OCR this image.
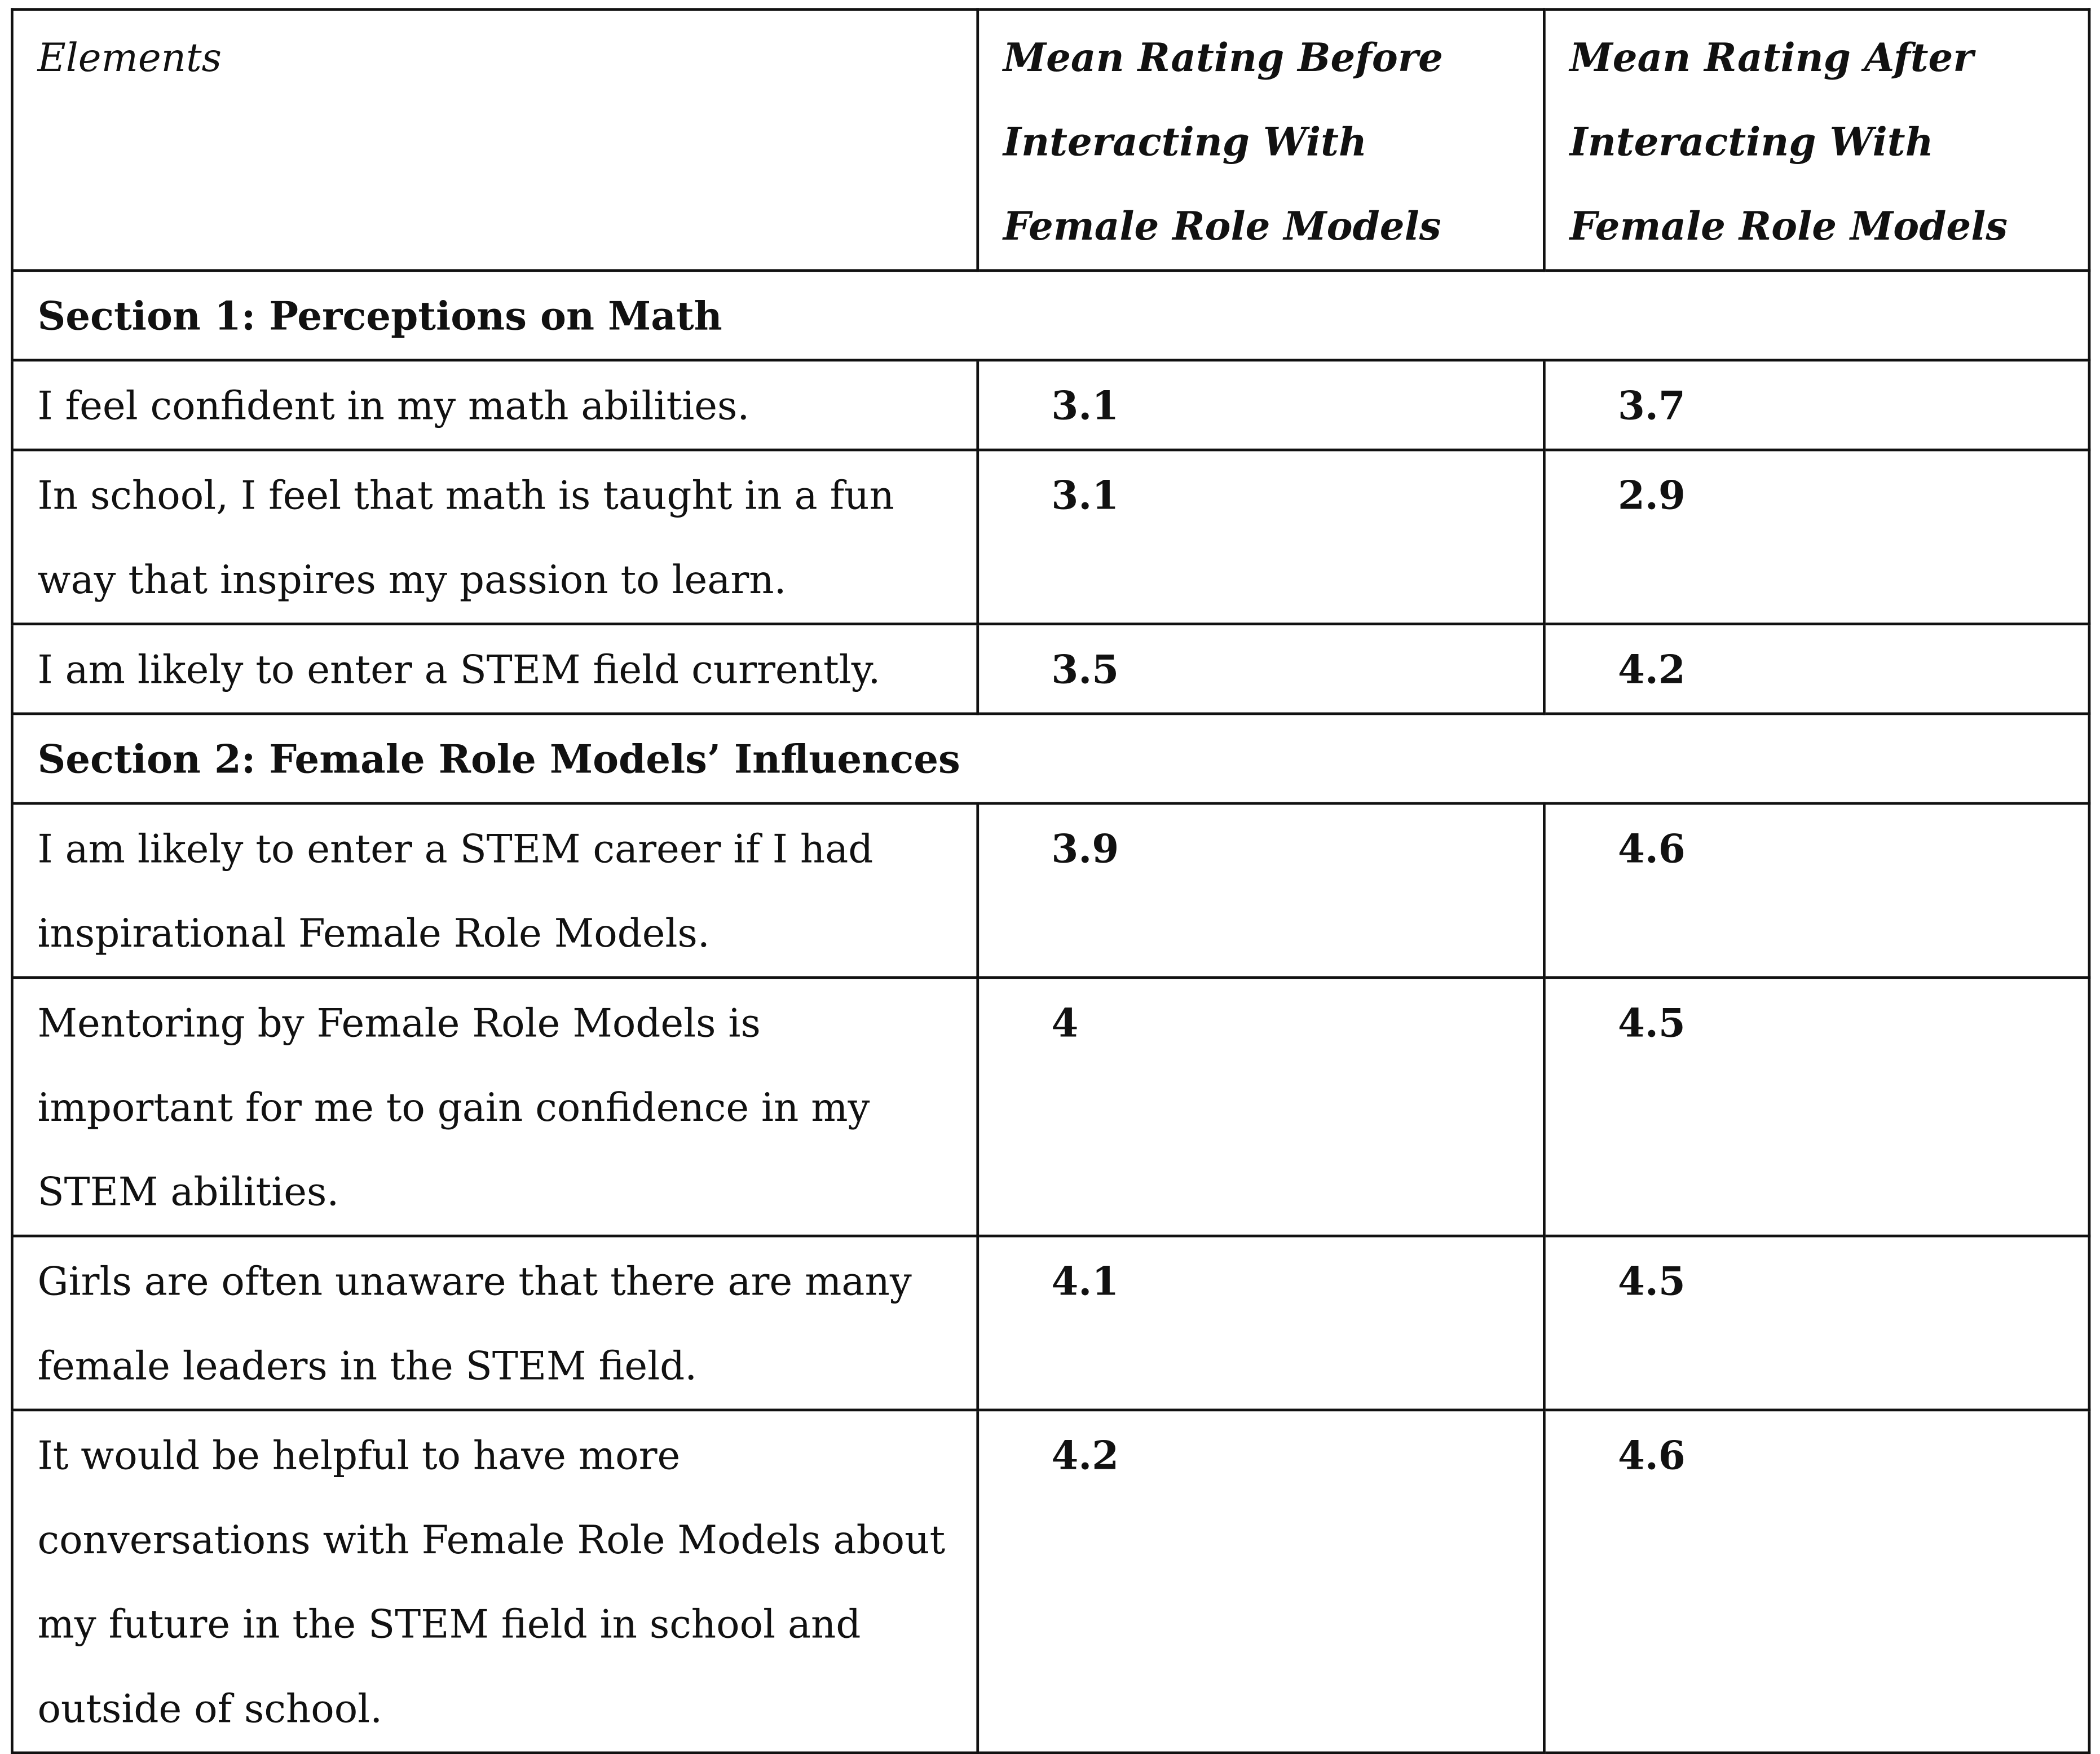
Elements	Mean Rating Before Interacting With Female Role Models	Mean Rating After Interacting With Female Role Models
Section 1: Perceptions on Math		
I feel confident in my math abilities.	3.1	3.7
In school, I feel that math is taught in a fun way that inspires my passion to learn.	3.1	2.9
I am likely to enter a STEM field currently.	3.5	4.2
Section 2: Female Role Models’ Influences		
I am likely to enter a STEM career if I had inspirational Female Role Models.	3.9	4.6
Mentoring by Female Role Models is important for me to gain confidence in my STEM abilities.	4	4.5
Girls are often unaware that there are many female leaders in the STEM field.	4.1	4.5
It would be helpful to have more conversations with Female Role Models about my future in the STEM field in school and outside of school.	4.2	4.6
